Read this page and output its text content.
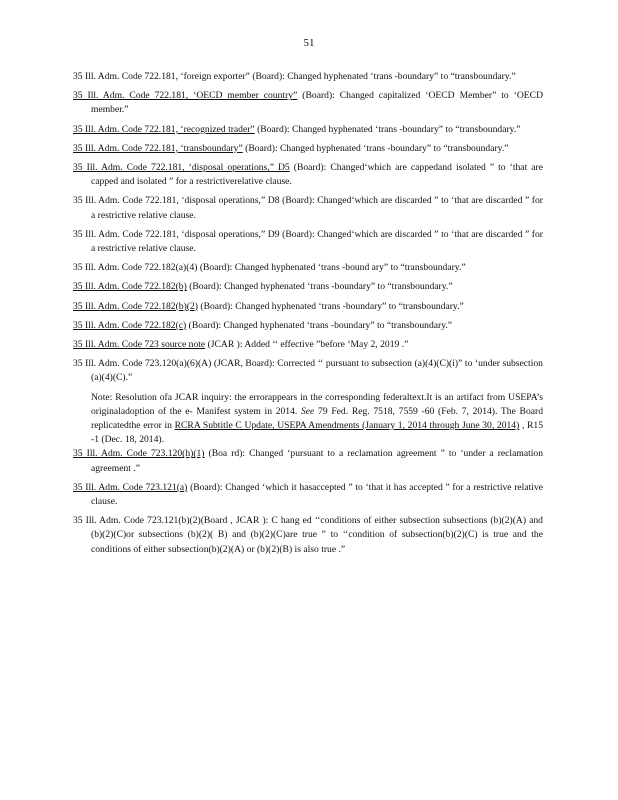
51
35 Ill. Adm. Code 722.181, ‘foreign exporter” (Board): Changed hyphenated ‘trans -boundary” to “transboundary.”
35 Ill. Adm. Code 722.181, ‘OECD member country” (Board): Changed capitalized ‘OECD Member” to ‘OECD member.”
35 Ill. Adm. Code 722.181, ‘recognized trader” (Board): Changed hyphenated ‘trans -boundary” to “transboundary.”
35 Ill. Adm. Code 722.181, ‘transboundary” (Board): Changed hyphenated ‘trans -boundary” to “transboundary.”
35 Ill. Adm. Code 722.181, ‘disposal operations,” D5 (Board): Changed‘which are cappedand isolated ” to ‘that are capped and isolated ” for a restrictiverelative clause.
35 Ill. Adm. Code 722.181, ‘disposal operations,” D8 (Board): Changed‘which are discarded ” to ‘that are discarded ” for a restrictive relative clause.
35 Ill. Adm. Code 722.181, ‘disposal operations,” D9 (Board): Changed‘which are discarded ” to ‘that are discarded ” for a restrictive relative clause.
35 Ill. Adm. Code 722.182(a)(4) (Board): Changed hyphenated ‘trans -bound ary” to “transboundary.”
35 Ill. Adm. Code 722.182(b) (Board): Changed hyphenated ‘trans -boundary” to “transboundary.”
35 Ill. Adm. Code 722.182(b)(2) (Board): Changed hyphenated ‘trans -boundary” to “transboundary.”
35 Ill. Adm. Code 722.182(c) (Board): Changed hyphenated ‘trans -boundary” to “transboundary.”
35 Ill. Adm. Code 723 source note (JCAR ): Added ‘‘ effective ”before ‘May 2, 2019 .”
35 Ill. Adm. Code 723.120(a)(6)(A) (JCAR, Board): Corrected ‘‘ pursuant to subsection (a)(4)(C)(i)” to ‘under subsection (a)(4)(C).”
Note: Resolution ofa JCAR inquiry: the errorappears in the corresponding federaltext.It is an artifact from USEPA’s originaladoption of the e- Manifest system in 2014. See 79 Fed. Reg. 7518, 7559 -60 (Feb. 7, 2014). The Board replicatedthe error in RCRA Subtitle C Update, USEPA Amendments (January 1, 2014 through June 30, 2014) , R15 -1 (Dec. 18, 2014).
35 Ill. Adm. Code 723.120(h)(1) (Boa rd): Changed ‘pursuant to a reclamation agreement ” to ‘under a reclamation agreement .”
35 Ill. Adm. Code 723.121(a) (Board): Changed ‘which it hasaccepted ” to ‘that it has accepted ” for a restrictive relative clause.
35 Ill. Adm. Code 723.121(b)(2)(Board , JCAR ): C hang ed ‘‘conditions of either subsection subsections (b)(2)(A) and (b)(2)(C)or subsections (b)(2)( B) and (b)(2)(C)are true ” to ‘‘condition of subsection(b)(2)(C) is true and the conditions of either subsection(b)(2)(A) or (b)(2)(B) is also true .”
